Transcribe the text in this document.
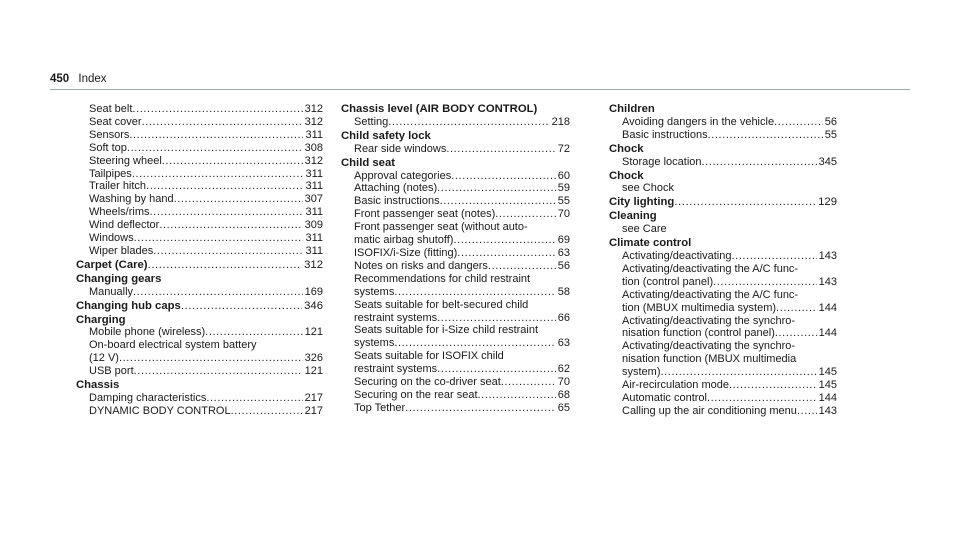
450 Index
Seat belt .....	312
Seat cover .....	312
Sensors .....	311
Soft top .....	308
Steering wheel .....	312
Tailpipes .....	311
Trailer hitch .....	311
Washing by hand .....	307
Wheels/rims .....	311
Wind deflector .....	309
Windows .....	311
Wiper blades .....	311
Carpet (Care) .....	312
Changing gears
Manually .....	169
Changing hub caps .....	346
Charging
Mobile phone (wireless) .....	121
On-board electrical system battery
(12 V) .....	326
USB port .....	121
Chassis
Damping characteristics .....	217
DYNAMIC BODY CONTROL .....	217
Chassis level (AIR BODY CONTROL)
Setting .....	218
Child safety lock
Rear side windows .....	72
Child seat
Approval categories .....	60
Attaching (notes) .....	59
Basic instructions .....	55
Front passenger seat (notes) .....	70
Front passenger seat (without auto-
matic airbag shutoff) .....	69
ISOFIX/i-Size (fitting) .....	63
Notes on risks and dangers .....	56
Recommendations for child restraint
systems .....	58
Seats suitable for belt-secured child
restraint systems .....	66
Seats suitable for i-Size child restraint
systems .....	63
Seats suitable for ISOFIX child
restraint systems .....	62
Securing on the co-driver seat .....	70
Securing on the rear seat .....	68
Top Tether .....	65
Children
Avoiding dangers in the vehicle .....	56
Basic instructions .....	55
Chock
Storage location .....	345
Chock
see Chock
City lighting .....	129
Cleaning
see Care
Climate control
Activating/deactivating .....	143
Activating/deactivating the A/C func-
tion (control panel) .....	143
Activating/deactivating the A/C func-
tion (MBUX multimedia system) .....	144
Activating/deactivating the synchro-
nisation function (control panel) .....	144
Activating/deactivating the synchro-
nisation function (MBUX multimedia
system) .....	145
Air-recirculation mode .....	145
Automatic control .....	144
Calling up the air conditioning menu ..... 143
